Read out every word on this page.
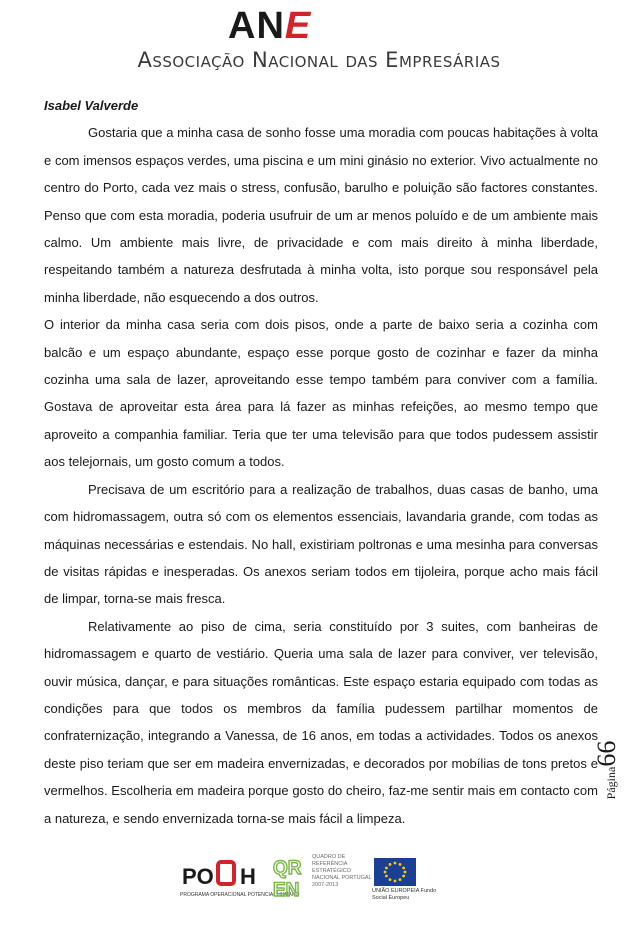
ANE
Associação Nacional das Empresárias

Isabel Valverde

Gostaria que a minha casa de sonho fosse uma moradia com poucas habitações à volta e com imensos espaços verdes, uma piscina e um mini ginásio no exterior. Vivo actualmente no centro do Porto, cada vez mais o stress, confusão, barulho e poluição são factores constantes. Penso que com esta moradia, poderia usufruir de um ar menos poluído e de um ambiente mais calmo. Um ambiente mais livre, de privacidade e com mais direito à minha liberdade, respeitando também a natureza desfrutada à minha volta, isto porque sou responsável pela minha liberdade, não esquecendo a dos outros.

O interior da minha casa seria com dois pisos, onde a parte de baixo seria a cozinha com balcão e um espaço abundante, espaço esse porque gosto de cozinhar e fazer da minha cozinha uma sala de lazer, aproveitando esse tempo também para conviver com a família. Gostava de aproveitar esta área para lá fazer as minhas refeições, ao mesmo tempo que aproveito a companhia familiar. Teria que ter uma televisão para que todos pudessem assistir aos telejornais, um gosto comum a todos.

Precisava de um escritório para a realização de trabalhos, duas casas de banho, uma com hidromassagem, outra só com os elementos essenciais, lavandaria grande, com todas as máquinas necessárias e estendais. No hall, existiriam poltronas e uma mesinha para conversas de visitas rápidas e inesperadas. Os anexos seriam todos em tijoleira, porque acho mais fácil de limpar, torna-se mais fresca.

Relativamente ao piso de cima, seria constituído por 3 suites, com banheiras de hidromassagem e quarto de vestiário. Queria uma sala de lazer para conviver, ver televisão, ouvir música, dançar, e para situações românticas. Este espaço estaria equipado com todas as condições para que todos os membros da família pudessem partilhar momentos de confraternização, integrando a Vanessa, de 16 anos, em todas a actividades. Todos os anexos deste piso teriam que ser em madeira envernizadas, e decorados por mobílias de tons pretos e vermelhos. Escolheria em madeira porque gosto do cheiro, faz-me sentir mais em contacto com a natureza, e sendo envernizada torna-se mais fácil a limpeza.

Página66
PO H
PROGRAMA OPERACIONAL POTENCIAL HUMANO
QR
EN
QUADRO DE REFERÊNCIA ESTRATÉGICO NACIONAL PORTUGAL 2007-2013
UNIÃO EUROPEIA Fundo Social Europeu
